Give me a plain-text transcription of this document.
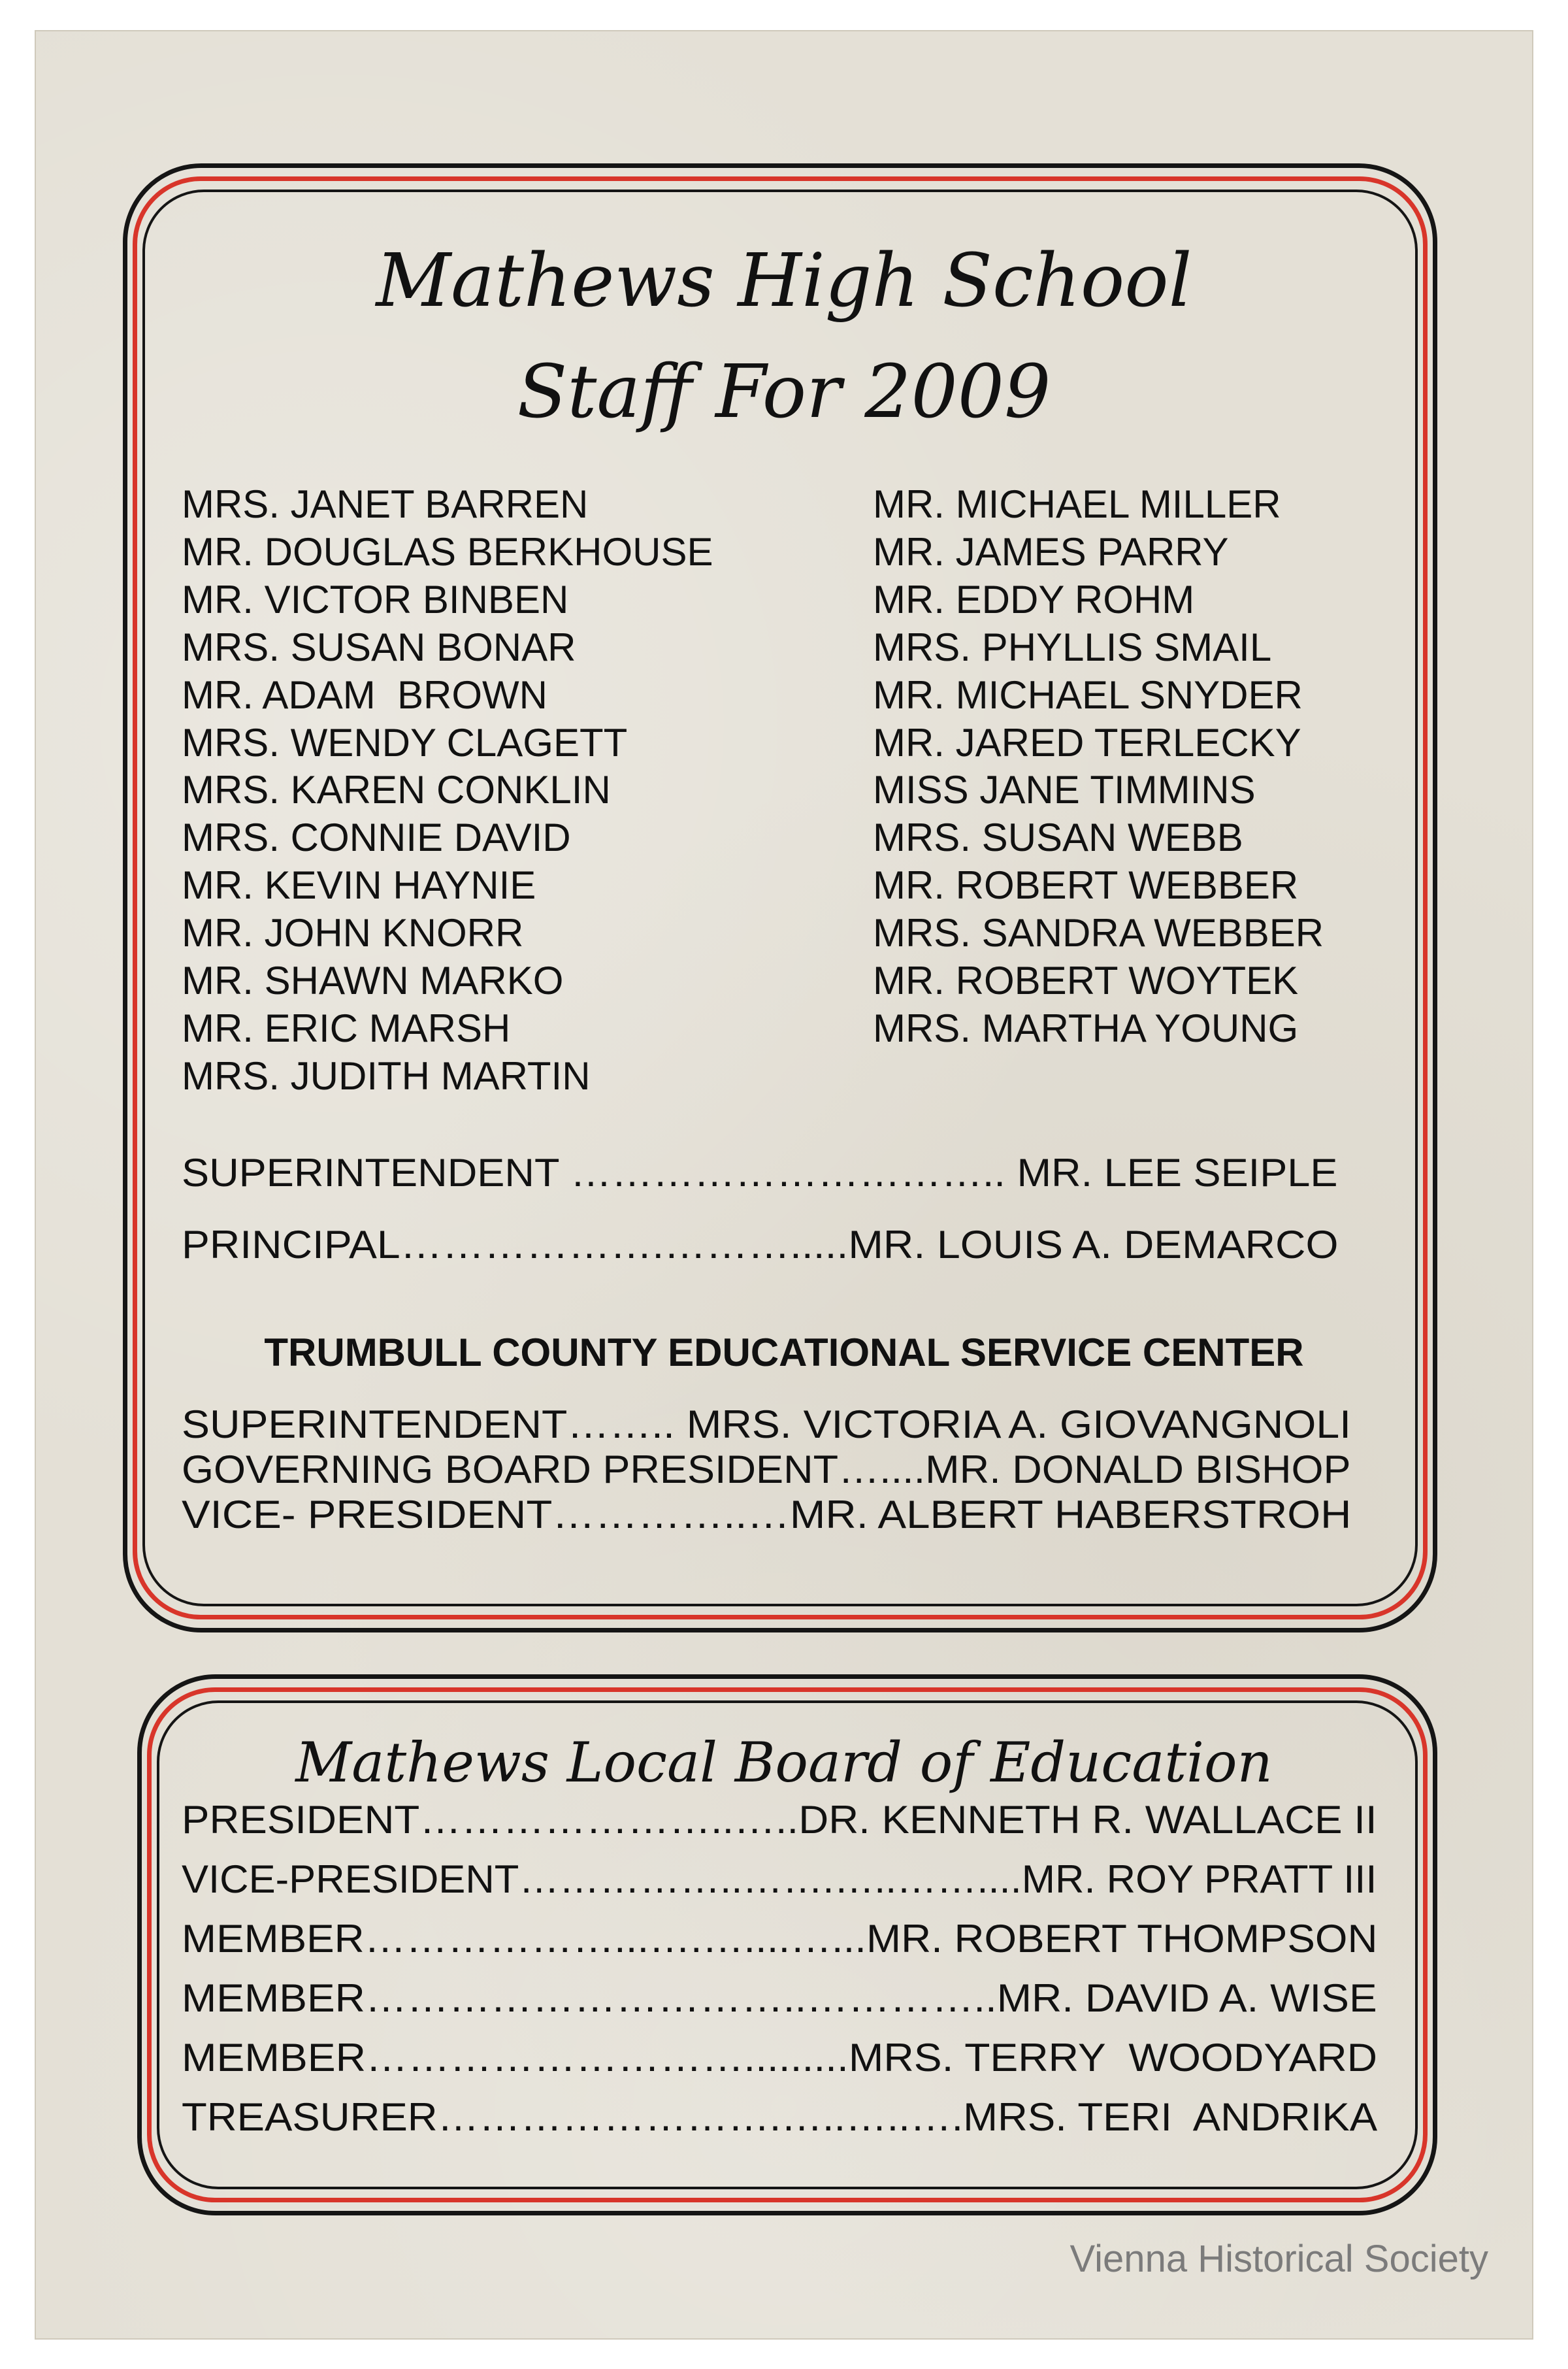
Mathews High School
Staff For 2009
MRS. JANET BARREN
MR. DOUGLAS BERKHOUSE
MR. VICTOR BINBEN
MRS. SUSAN BONAR
MR. ADAM  BROWN
MRS. WENDY CLAGETT
MRS. KAREN CONKLIN
MRS. CONNIE DAVID
MR. KEVIN HAYNIE
MR. JOHN KNORR
MR. SHAWN MARKO
MR. ERIC MARSH
MRS. JUDITH MARTIN
MR. MICHAEL MILLER
MR. JAMES PARRY
MR. EDDY ROHM
MRS. PHYLLIS SMAIL
MR. MICHAEL SNYDER
MR. JARED TERLECKY
MISS JANE TIMMINS
MRS. SUSAN WEBB
MR. ROBERT WEBBER
MRS. SANDRA WEBBER
MR. ROBERT WOYTEK
MRS. MARTHA YOUNG
SUPERINTENDENT ………………………….. MR. LEE SEIPLE
PRINCIPAL……………….……….....MR. LOUIS A. DEMARCO
TRUMBULL COUNTY EDUCATIONAL SERVICE CENTER
SUPERINTENDENT…….. MRS. VICTORIA A. GIOVANGNOLI
GOVERNING BOARD PRESIDENT…....MR. DONALD BISHOP
VICE- PRESIDENT…………..…MR. ALBERT HABERSTROH
Mathews Local Board of Education
PRESIDENT…………………..…..DR. KENNETH R. WALLACE II
VICE-PRESIDENT……………..…….…..……....MR. ROY PRATT III
MEMBER………………...….…....…...MR. ROBERT THOMPSON
MEMBER…………………………..…………..MR. DAVID A. WISE
MEMBER……………………….........MRS. TERRY  WOODYARD
TREASURER…………………….…..…..….MRS. TERI  ANDRIKA
Vienna Historical Society
